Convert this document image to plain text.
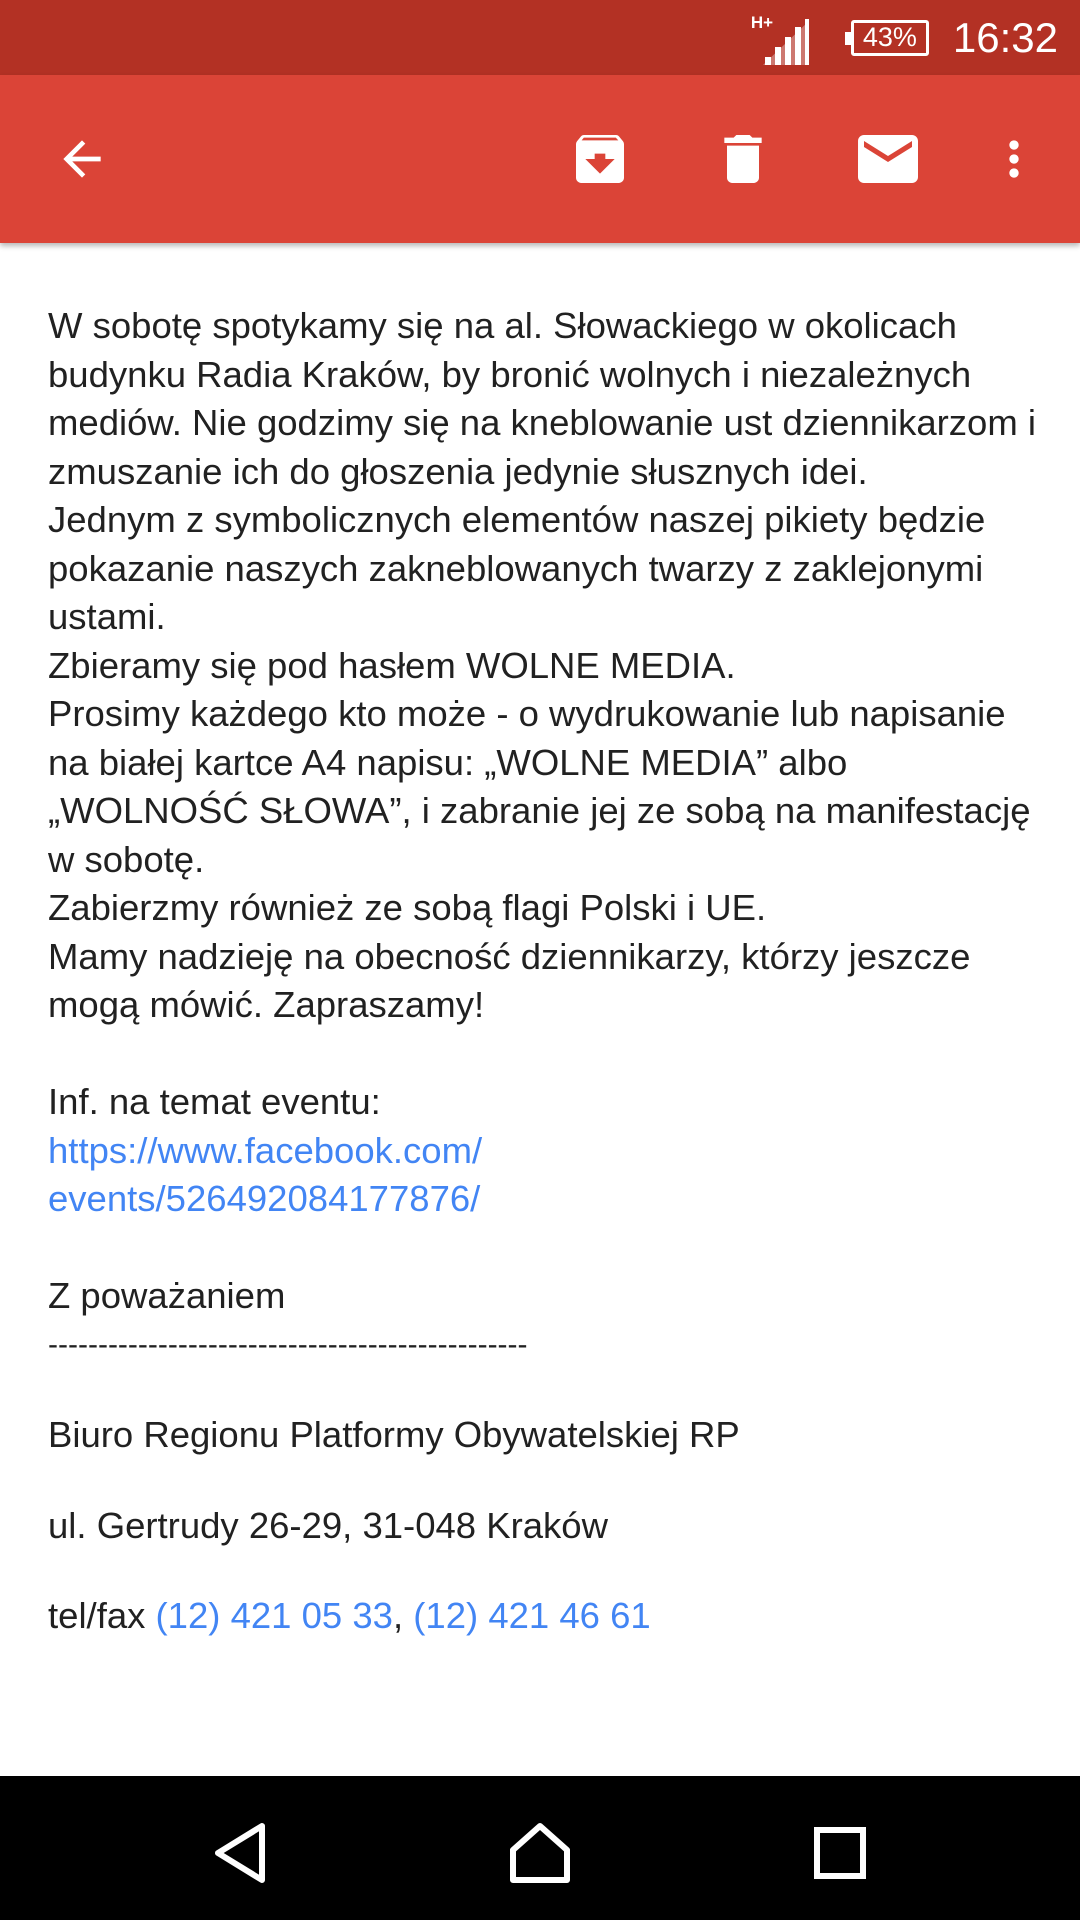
H+	43% 16:32

W sobotę spotykamy się na al. Słowackiego w okolicach budynku Radia Kraków, by bronić wolnych i niezależnych mediów. Nie godzimy się na kneblowanie ust dziennikarzom i zmuszanie ich do głoszenia jedynie słusznych idei.

Jednym z symbolicznych elementów naszej pikiety będzie pokazanie naszych zakneblowanych twarzy z zaklejonymi ustami.

Zbieramy się pod hasłem WOLNE MEDIA.

Prosimy każdego kto może - o wydrukowanie lub napisanie na białej kartce A4 napisu: „WOLNE MEDIA” albo „WOLNOŚĆ SŁOWA”, i zabranie jej ze sobą na manifestację w sobotę.

Zabierzmy również ze sobą flagi Polski i UE.

Mamy nadzieję na obecność dziennikarzy, którzy jeszcze mogą mówić. Zapraszamy!

Inf. na temat eventu:

https://www.facebook.com/
events/526492084177876/

Z poważaniem

------------------------------------------------

Biuro Regionu Platformy Obywatelskiej RP

ul. Gertrudy 26-29, 31-048 Kraków

tel/fax (12) 421 05 33, (12) 421 46 61
